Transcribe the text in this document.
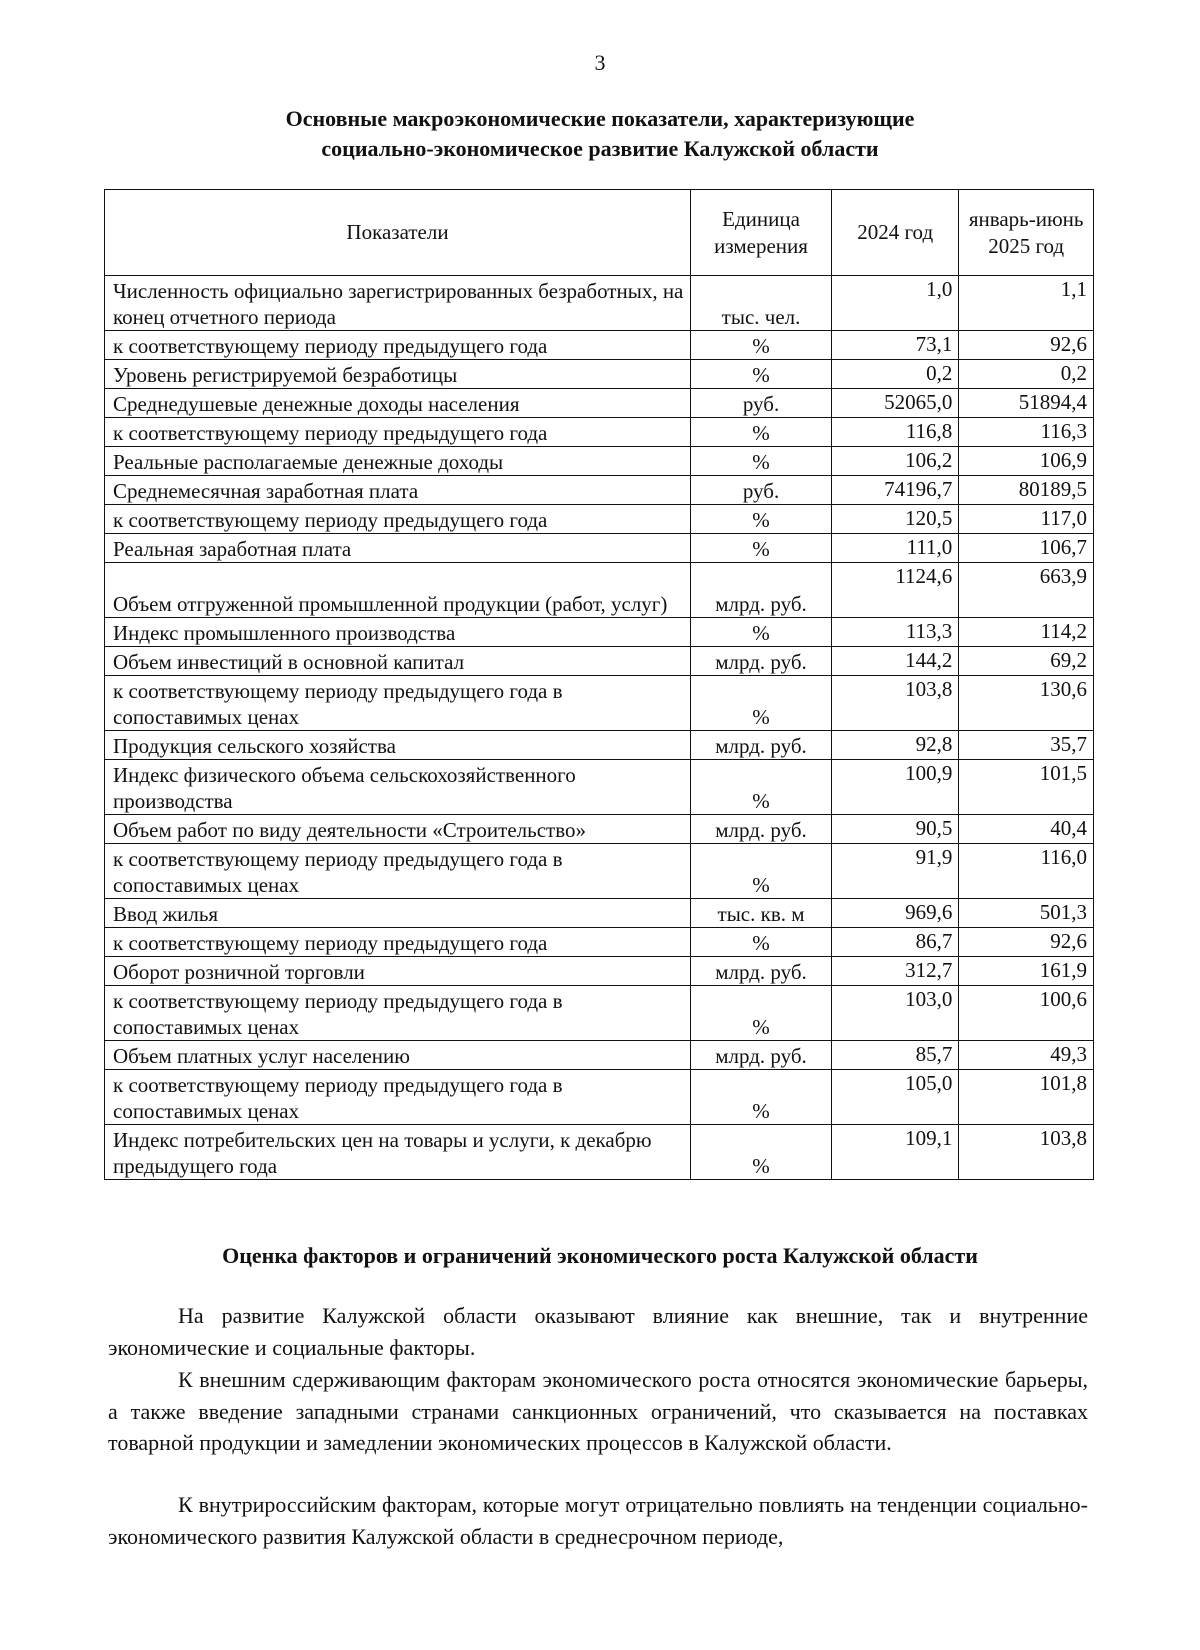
3
Основные макроэкономические показатели, характеризующие
социально-экономическое развитие Калужской области
Показатели	Единица измерения	2024 год	январь-июнь 2025 год
Численность официально зарегистрированных безработных, на конец отчетного периода	тыс. чел.	1,0	1,1
к соответствующему периоду предыдущего года	%	73,1	92,6
Уровень регистрируемой безработицы	%	0,2	0,2
Среднедушевые денежные доходы населения	руб.	52065,0	51894,4
к соответствующему периоду предыдущего года	%	116,8	116,3
Реальные располагаемые денежные доходы	%	106,2	106,9
Среднемесячная заработная плата	руб.	74196,7	80189,5
к соответствующему периоду предыдущего года	%	120,5	117,0
Реальная заработная плата	%	111,0	106,7
Объем отгруженной промышленной продукции (работ, услуг)	млрд. руб.	1124,6	663,9
Индекс промышленного производства	%	113,3	114,2
Объем инвестиций в основной капитал	млрд. руб.	144,2	69,2
к соответствующему периоду предыдущего года в сопоставимых ценах	%	103,8	130,6
Продукция сельского хозяйства	млрд. руб.	92,8	35,7
Индекс физического объема сельскохозяйственного производства	%	100,9	101,5
Объем работ по виду деятельности «Строительство»	млрд. руб.	90,5	40,4
к соответствующему периоду предыдущего года в сопоставимых ценах	%	91,9	116,0
Ввод жилья	тыс. кв. м	969,6	501,3
к соответствующему периоду предыдущего года	%	86,7	92,6
Оборот розничной торговли	млрд. руб.	312,7	161,9
к соответствующему периоду предыдущего года в сопоставимых ценах	%	103,0	100,6
Объем платных услуг населению	млрд. руб.	85,7	49,3
к соответствующему периоду предыдущего года в сопоставимых ценах	%	105,0	101,8
Индекс потребительских цен на товары и услуги, к декабрю предыдущего года	%	109,1	103,8
Оценка факторов и ограничений экономического роста Калужской области

На развитие Калужской области оказывают влияние как внешние, так и внутренние экономические и социальные факторы.

К внешним сдерживающим факторам экономического роста относятся экономические барьеры, а также введение западными странами санкционных ограничений, что сказывается на поставках товарной продукции и замедлении экономических процессов в Калужской области.

К внутрироссийским факторам, которые могут отрицательно повлиять на тенденции социально-экономического развития Калужской области в среднесрочном периоде,
